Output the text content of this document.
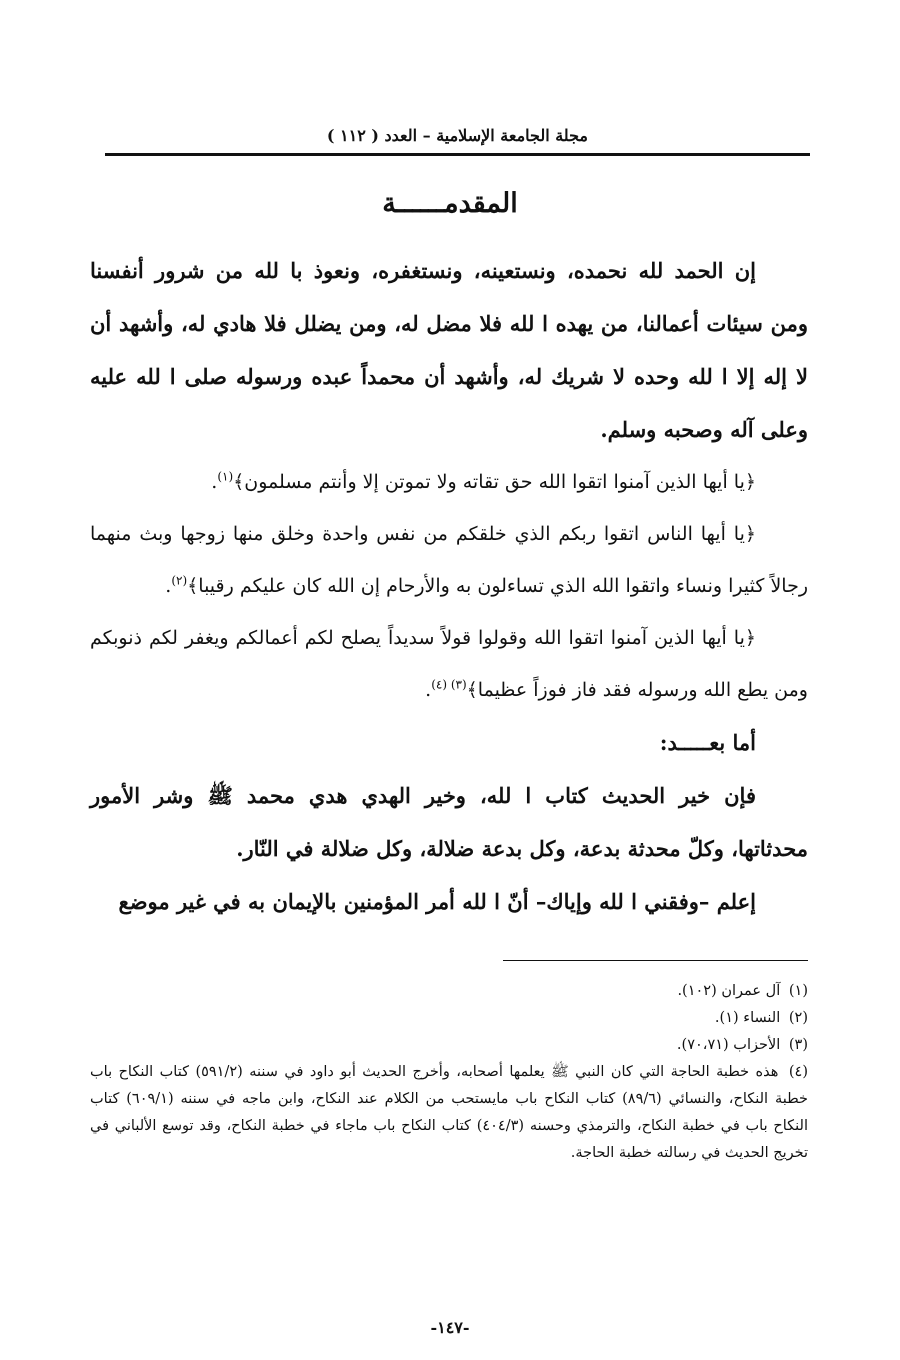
مجلة الجامعة الإسلامية – العدد ( ١١٢ )
المقدمــــــة

إن الحمد لله نحمده، ونستعينه، ونستغفره، ونعوذ با لله من شرور أنفسنا ومن سيئات أعمالنا، من يهده ا لله فلا مضل له، ومن يضلل فلا هادي له، وأشهد أن لا إله إلا ا لله وحده لا شريك له، وأشهد أن محمداً عبده ورسوله صلى ا لله عليه وعلى آله وصحبه وسلم.

﴿يا أيها الذين آمنوا اتقوا الله حق تقاته ولا تموتن إلا وأنتم مسلمون﴾$^{(١)}$.

﴿يا أيها الناس اتقوا ربكم الذي خلقكم من نفس واحدة وخلق منها زوجها وبث منهما رجالاً كثيرا ونساء واتقوا الله الذي تساءلون به والأرحام إن الله كان عليكم رقيبا﴾$^{(٢)}$.

﴿يا أيها الذين آمنوا اتقوا الله وقولوا قولاً سديداً يصلح لكم أعمالكم ويغفر لكم ذنوبكم ومن يطع الله ورسوله فقد فاز فوزاً عظيما﴾$^{(٣) (٤)}$.

أما بعـــــد:

فإن خير الحديث كتاب ا لله، وخير الهدي هدي محمد ﷺ وشر الأمور محدثاتها، وكلّ محدثة بدعة، وكل بدعة ضلالة، وكل ضلالة في النّار.

إعلم –وفقني ا لله وإياك– أنّ ا لله أمر المؤمنين بالإيمان به في غير موضع

(١) آل عمران (١٠٢).

(٢) النساء (١).

(٣) الأحزاب (٧٠،٧١).

(٤) هذه خطبة الحاجة التي كان النبي ﷺ يعلمها أصحابه، وأخرج الحديث أبو داود في سننه (٥٩١/٢) كتاب النكاح باب خطبة النكاح، والنسائي (٨٩/٦) كتاب النكاح باب مايستحب من الكلام عند النكاح، وابن ماجه في سننه (٦٠٩/١) كتاب النكاح باب في خطبة النكاح، والترمذي وحسنه (٤٠٤/٣) كتاب النكاح باب ماجاء في خطبة النكاح، وقد توسع الألباني في تخريج الحديث في رسالته خطبة الحاجة.

-١٤٧-
